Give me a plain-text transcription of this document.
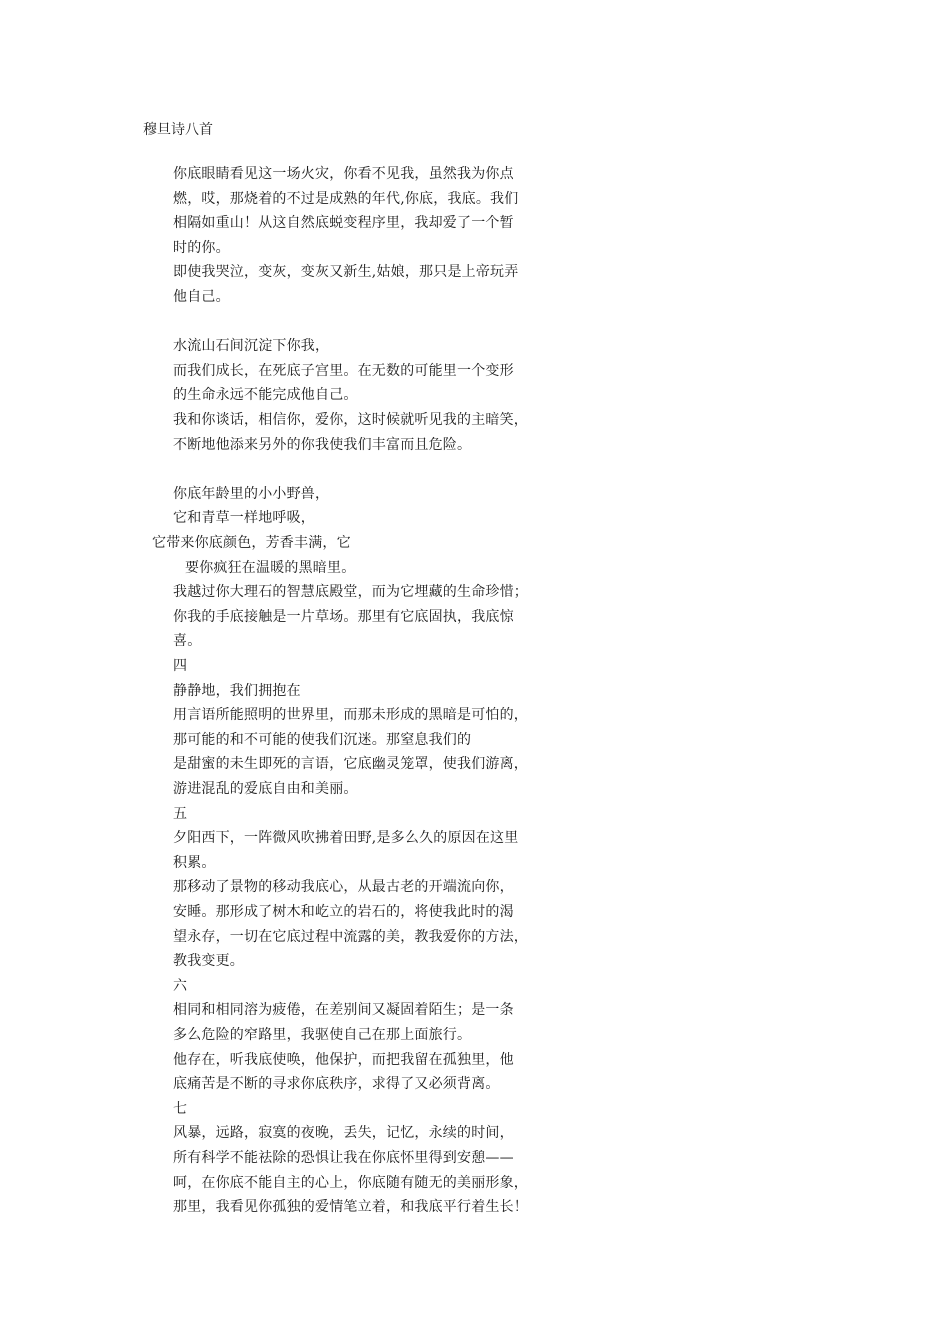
穆旦诗八首
你底眼睛看见这一场火灾，你看不见我，虽然我为你点
燃，哎，那烧着的不过是成熟的年代,你底，我底。我们
相隔如重山！从这自然底蜕变程序里，我却爱了一个暂
时的你。
即使我哭泣，变灰，变灰又新生,姑娘，那只是上帝玩弄
他自己。
水流山石间沉淀下你我，
而我们成长，在死底子宫里。在无数的可能里一个变形
的生命永远不能完成他自己。
我和你谈话，相信你，爱你，这时候就听见我的主暗笑，
不断地他添来另外的你我使我们丰富而且危险。
你底年龄里的小小野兽，
它和青草一样地呼吸，
它带来你底颜色，芳香丰满，它
要你疯狂在温暖的黑暗里。
我越过你大理石的智慧底殿堂，而为它埋藏的生命珍惜；
你我的手底接触是一片草场。那里有它底固执，我底惊
喜。
四
静静地，我们拥抱在
用言语所能照明的世界里，而那未形成的黑暗是可怕的，
那可能的和不可能的使我们沉迷。那窒息我们的
是甜蜜的未生即死的言语，它底幽灵笼罩，使我们游离，
游进混乱的爱底自由和美丽。
五
夕阳西下，一阵微风吹拂着田野,是多么久的原因在这里
积累。
那移动了景物的移动我底心，从最古老的开端流向你，
安睡。那形成了树木和屹立的岩石的，将使我此时的渴
望永存，一切在它底过程中流露的美，教我爱你的方法，
教我变更。
六
相同和相同溶为疲倦，在差别间又凝固着陌生；是一条
多么危险的窄路里，我驱使自己在那上面旅行。
他存在，听我底使唤，他保护，而把我留在孤独里，他
底痛苦是不断的寻求你底秩序，求得了又必须背离。
七
风暴，远路，寂寞的夜晚，丢失，记忆，永续的时间，
所有科学不能祛除的恐惧让我在你底怀里得到安憩——
呵，在你底不能自主的心上，你底随有随无的美丽形象，
那里，我看见你孤独的爱情笔立着，和我底平行着生长！
